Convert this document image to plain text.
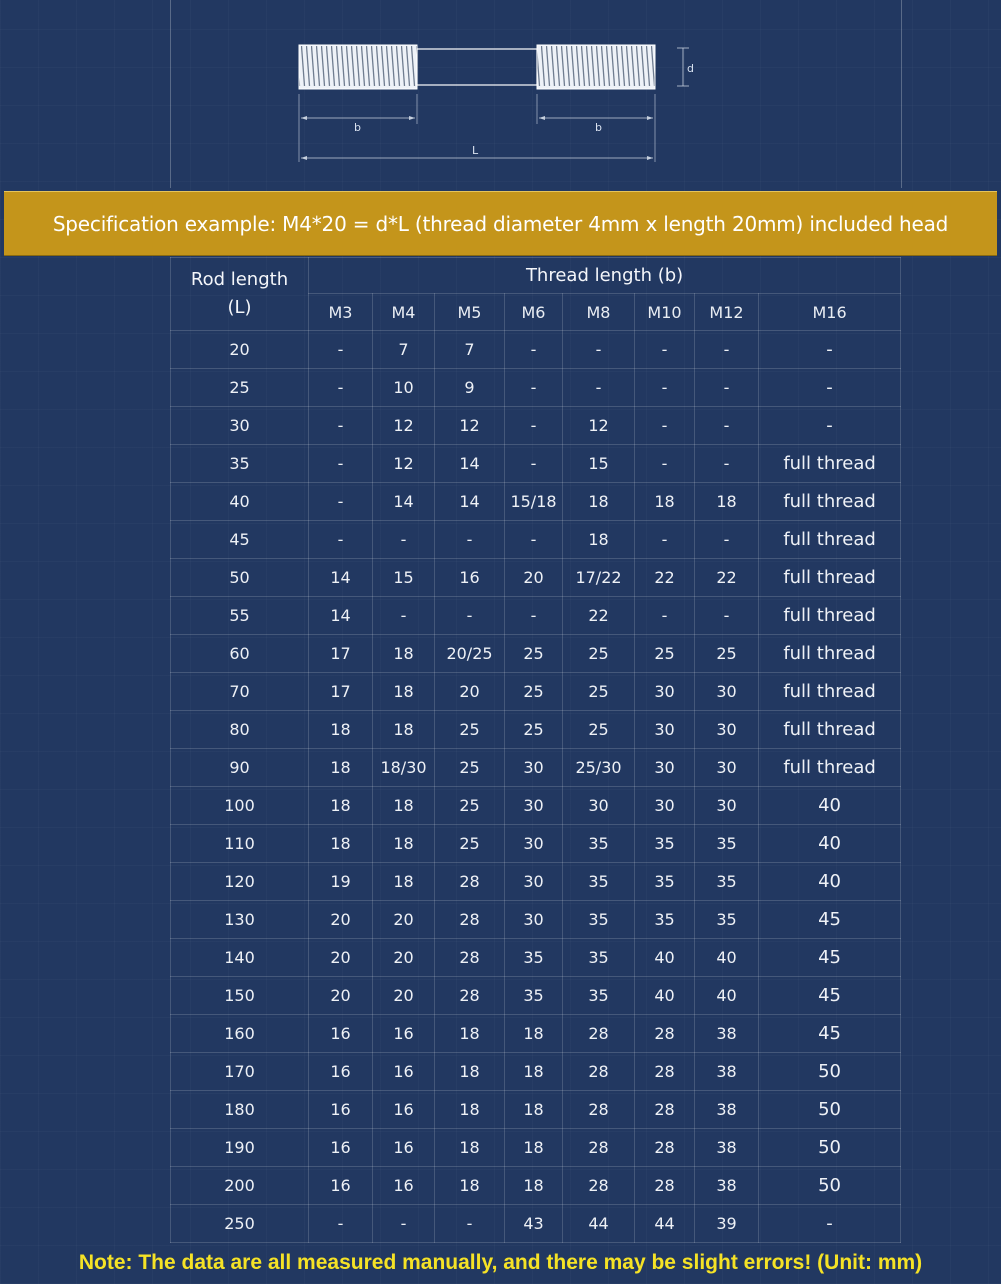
d
b	b
L
Specification example: M4*20 = d*L (thread diameter 4mm x length 20mm) included head
Rod length
(L)	Thread length (b)							
	M3	M4	M5	M6	M8	M10	M12	M16
20	-	7	7	-	-	-	-	-
25	-	10	9	-	-	-	-	-
30	-	12	12	-	12	-	-	-
35	-	12	14	-	15	-	-	full thread
40	-	14	14	15/18	18	18	18	full thread
45	-	-	-	-	18	-	-	full thread
50	14	15	16	20	17/22	22	22	full thread
55	14	-	-	-	22	-	-	full thread
60	17	18	20/25	25	25	25	25	full thread
70	17	18	20	25	25	30	30	full thread
80	18	18	25	25	25	30	30	full thread
90	18	18/30	25	30	25/30	30	30	full thread
100	18	18	25	30	30	30	30	40
110	18	18	25	30	35	35	35	40
120	19	18	28	30	35	35	35	40
130	20	20	28	30	35	35	35	45
140	20	20	28	35	35	40	40	45
150	20	20	28	35	35	40	40	45
160	16	16	18	18	28	28	38	45
170	16	16	18	18	28	28	38	50
180	16	16	18	18	28	28	38	50
190	16	16	18	18	28	28	38	50
200	16	16	18	18	28	28	38	50
250	-	-	-	43	44	44	39	-
Note: The data are all measured manually, and there may be slight errors! (Unit: mm)
